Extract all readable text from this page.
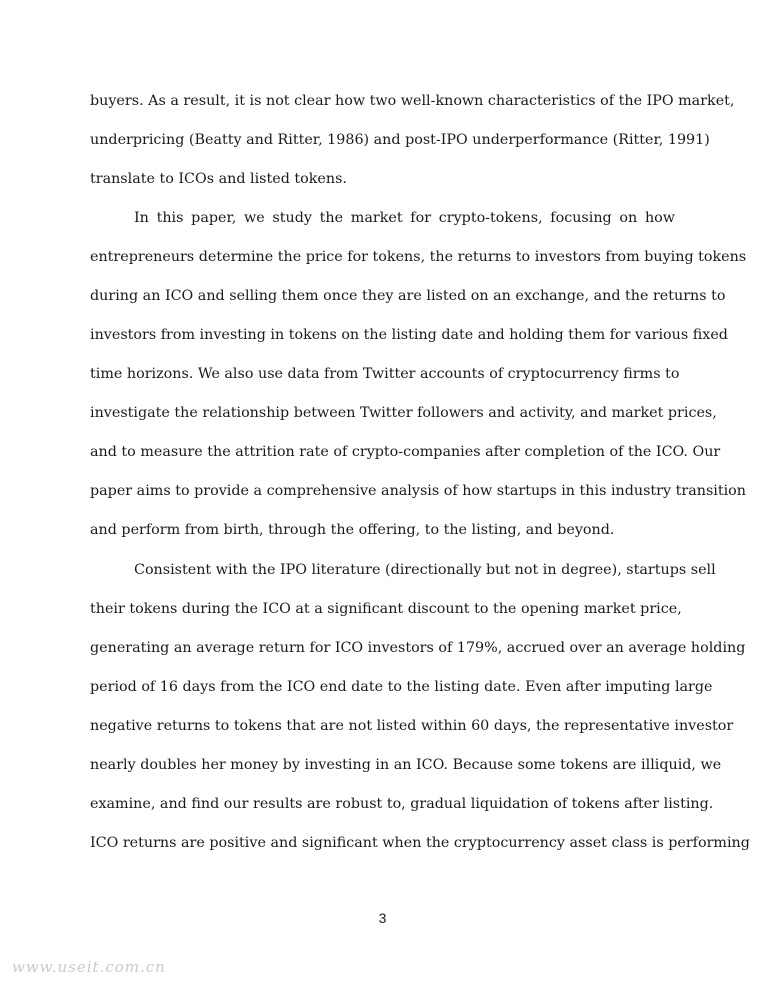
buyers. As a result, it is not clear how two well-known characteristics of the IPO market,
underpricing (Beatty and Ritter, 1986) and post-IPO underperformance (Ritter, 1991)
translate to ICOs and listed tokens.
In this paper, we study the market for crypto-tokens, focusing on how
entrepreneurs determine the price for tokens, the returns to investors from buying tokens
during an ICO and selling them once they are listed on an exchange, and the returns to
investors from investing in tokens on the listing date and holding them for various fixed
time horizons. We also use data from Twitter accounts of cryptocurrency firms to
investigate the relationship between Twitter followers and activity, and market prices,
and to measure the attrition rate of crypto-companies after completion of the ICO. Our
paper aims to provide a comprehensive analysis of how startups in this industry transition
and perform from birth, through the offering, to the listing, and beyond.
Consistent with the IPO literature (directionally but not in degree), startups sell
their tokens during the ICO at a significant discount to the opening market price,
generating an average return for ICO investors of 179%, accrued over an average holding
period of 16 days from the ICO end date to the listing date. Even after imputing large
negative returns to tokens that are not listed within 60 days, the representative investor
nearly doubles her money by investing in an ICO. Because some tokens are illiquid, we
examine, and find our results are robust to, gradual liquidation of tokens after listing.
ICO returns are positive and significant when the cryptocurrency asset class is performing
3
www.useit.com.cn
